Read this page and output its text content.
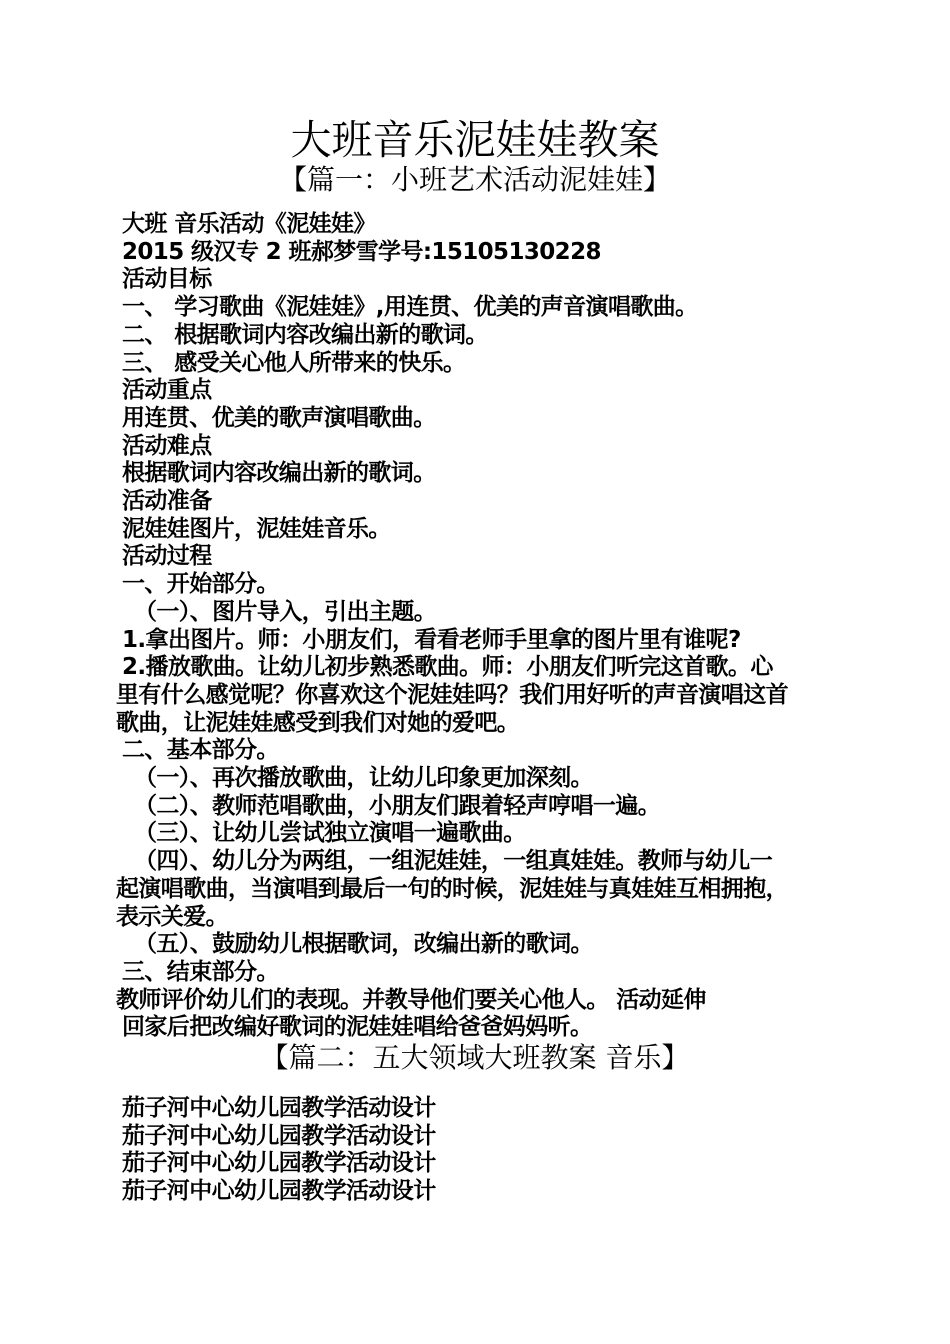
大班音乐泥娃娃教案
【篇一：小班艺术活动泥娃娃】
大班 音乐活动《泥娃娃》
2015 级汉专 2 班郝梦雪学号:15105130228
活动目标
一、 学习歌曲《泥娃娃》,用连贯、优美的声音演唱歌曲。
二、 根据歌词内容改编出新的歌词。
三、 感受关心他人所带来的快乐。
活动重点
用连贯、优美的歌声演唱歌曲。
活动难点
根据歌词内容改编出新的歌词。
活动准备
泥娃娃图片，泥娃娃音乐。
活动过程
一、开始部分。
（一）、图片导入，引出主题。
1.拿出图片。师：小朋友们，看看老师手里拿的图片里有谁呢?
2.播放歌曲。让幼儿初步熟悉歌曲。师：小朋友们听完这首歌。心
里有什么感觉呢？你喜欢这个泥娃娃吗？我们用好听的声音演唱这首
歌曲，让泥娃娃感受到我们对她的爱吧。
二、基本部分。
（一）、再次播放歌曲，让幼儿印象更加深刻。
（二）、教师范唱歌曲，小朋友们跟着轻声哼唱一遍。
（三）、让幼儿尝试独立演唱一遍歌曲。
（四）、幼儿分为两组，一组泥娃娃，一组真娃娃。教师与幼儿一
起演唱歌曲，当演唱到最后一句的时候，泥娃娃与真娃娃互相拥抱，
表示关爱。
（五）、鼓励幼儿根据歌词，改编出新的歌词。
三、结束部分。
教师评价幼儿们的表现。并教导他们要关心他人。 活动延伸
回家后把改编好歌词的泥娃娃唱给爸爸妈妈听。
【篇二：五大领域大班教案 音乐】
茄子河中心幼儿园教学活动设计
茄子河中心幼儿园教学活动设计
茄子河中心幼儿园教学活动设计
茄子河中心幼儿园教学活动设计
